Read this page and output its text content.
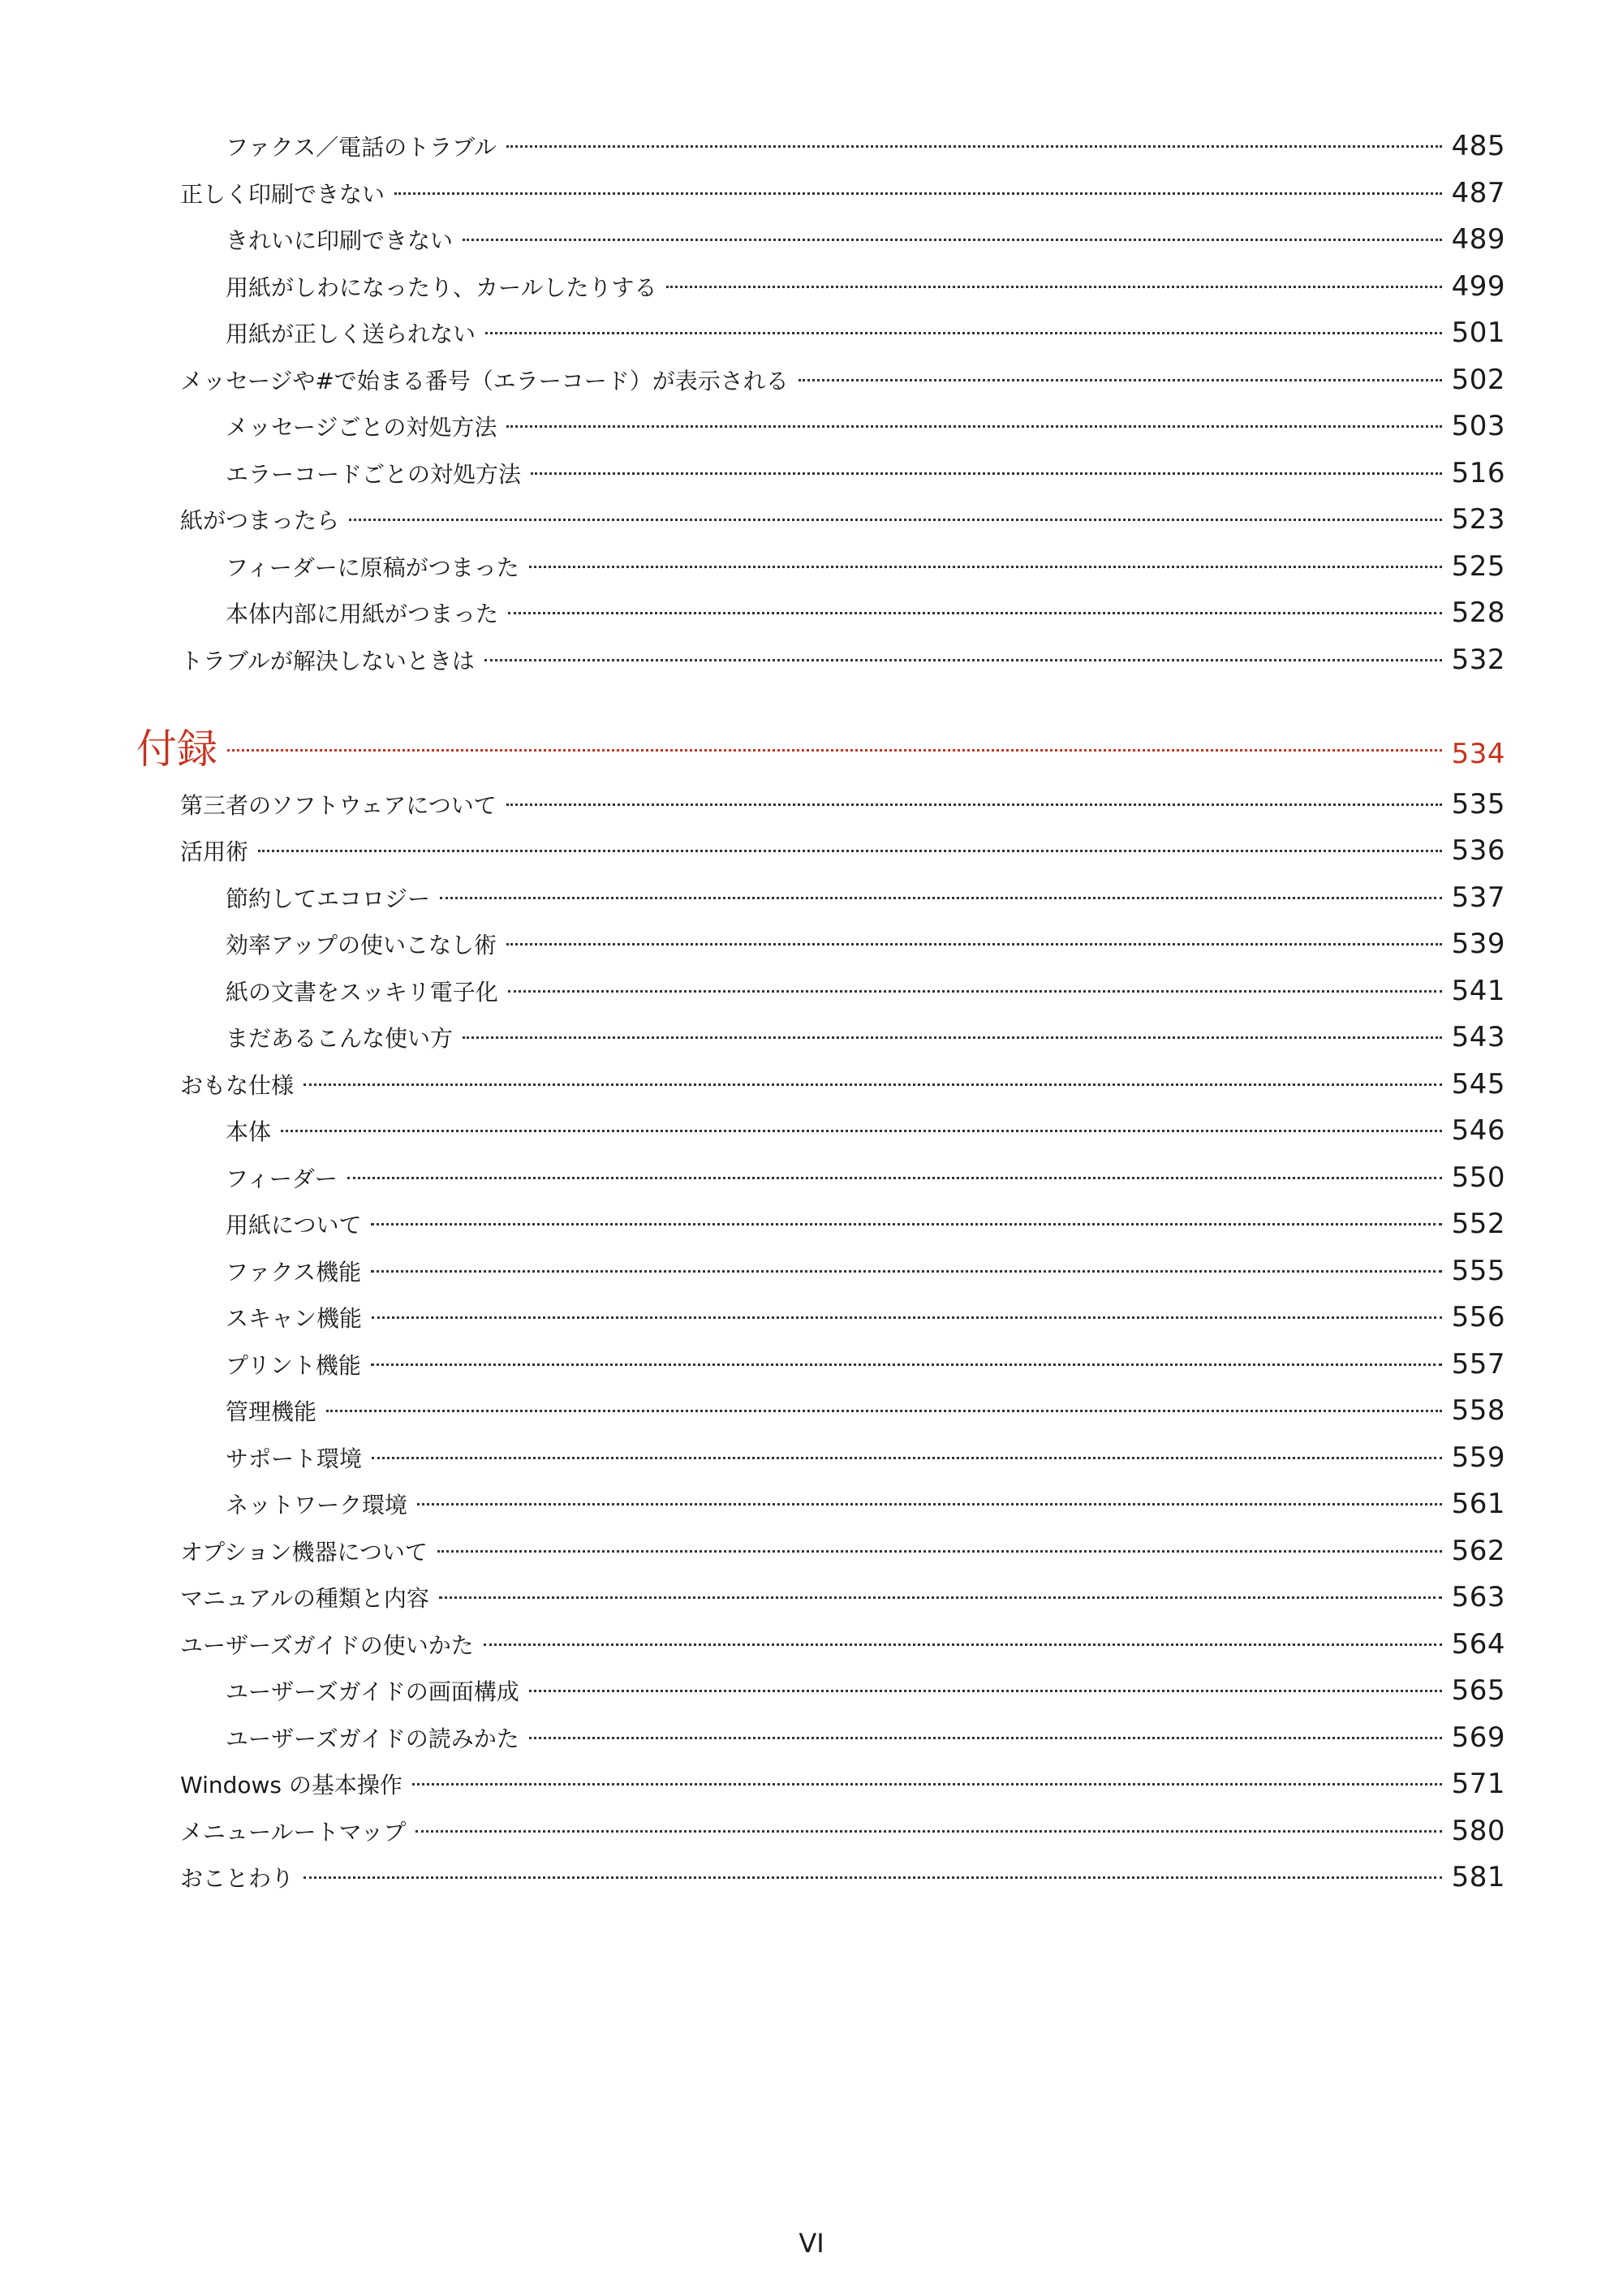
ファクス／電話のトラブル	485
正しく印刷できない	487
きれいに印刷できない	489
用紙がしわになったり、カールしたりする	499
用紙が正しく送られない	501
メッセージや#で始まる番号（エラーコード）が表示される	502
メッセージごとの対処方法	503
エラーコードごとの対処方法	516
紙がつまったら	523
フィーダーに原稿がつまった	525
本体内部に用紙がつまった	528
トラブルが解決しないときは	532
付録	534
第三者のソフトウェアについて	535
活用術	536
節約してエコロジー	537
効率アップの使いこなし術	539
紙の文書をスッキリ電子化	541
まだあるこんな使い方	543
おもな仕様	545
本体	546
フィーダー	550
用紙について	552
ファクス機能	555
スキャン機能	556
プリント機能	557
管理機能	558
サポート環境	559
ネットワーク環境	561
オプション機器について	562
マニュアルの種類と内容	563
ユーザーズガイドの使いかた	564
ユーザーズガイドの画面構成	565
ユーザーズガイドの読みかた	569
Windows の基本操作	571
メニュールートマップ	580
おことわり	581
VI
